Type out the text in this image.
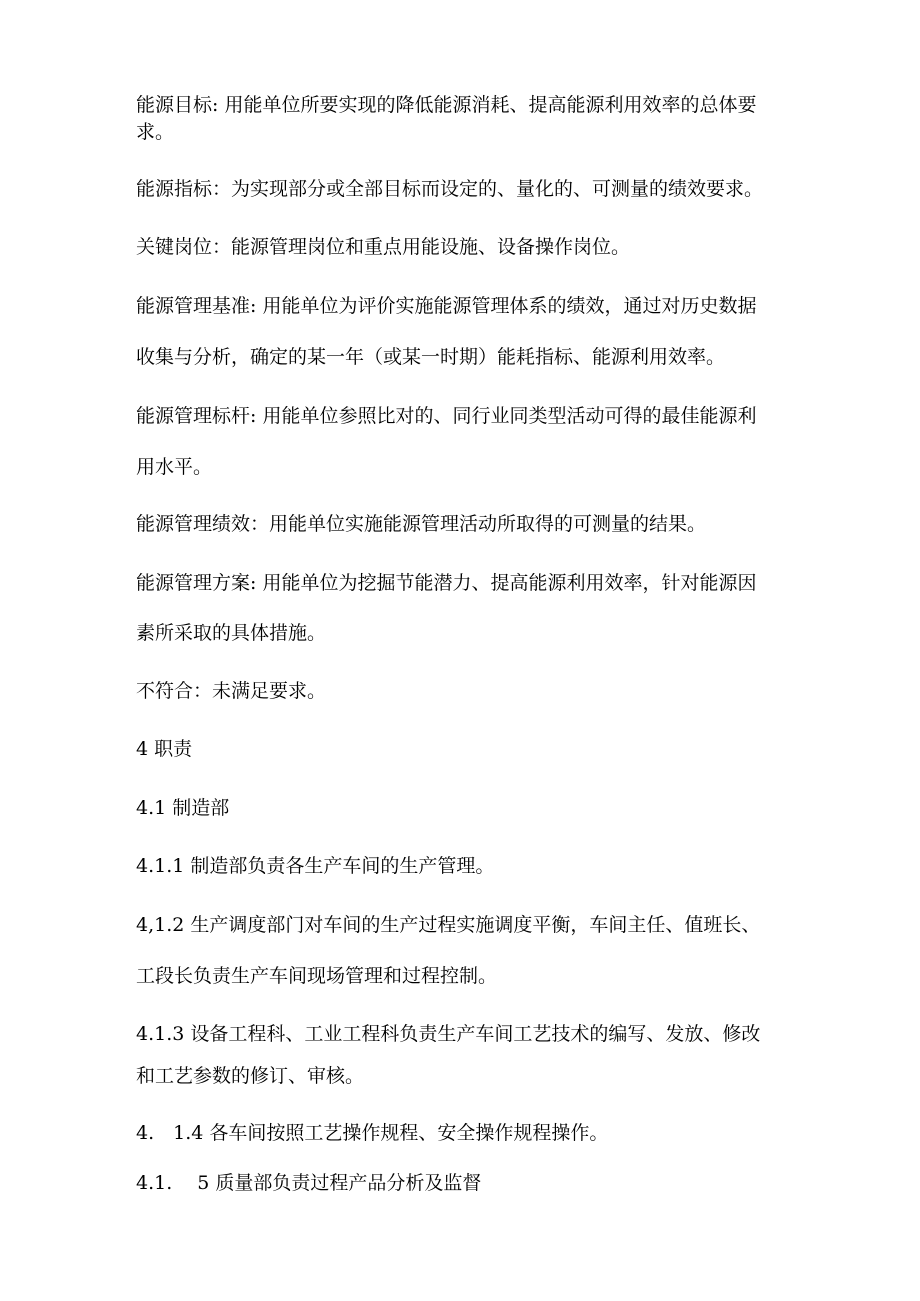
能源目标: 用能单位所要实现的降低能源消耗、提高能源利用效率的总体要
求。
能源指标：为实现部分或全部目标而设定的、量化的、可测量的绩效要求。
关键岗位：能源管理岗位和重点用能设施、设备操作岗位。
能源管理基准: 用能单位为评价实施能源管理体系的绩效，通过对历史数据
收集与分析，确定的某一年（或某一时期）能耗指标、能源利用效率。
能源管理标杆: 用能单位参照比对的、同行业同类型活动可得的最佳能源利
用水平。
能源管理绩效：用能单位实施能源管理活动所取得的可测量的结果。
能源管理方案: 用能单位为挖掘节能潜力、提高能源利用效率，针对能源因
素所采取的具体措施。
不符合：未满足要求。
4 职责
4.1 制造部
4.1.1 制造部负责各生产车间的生产管理。
4,1.2 生产调度部门对车间的生产过程实施调度平衡，车间主任、值班长、
工段长负责生产车间现场管理和过程控制。
4.1.3 设备工程科、工业工程科负责生产车间工艺技术的编写、发放、修改
和工艺参数的修订、审核。
4.　1.4 各车间按照工艺操作规程、安全操作规程操作。
4.1.　 5 质量部负责过程产品分析及监督
